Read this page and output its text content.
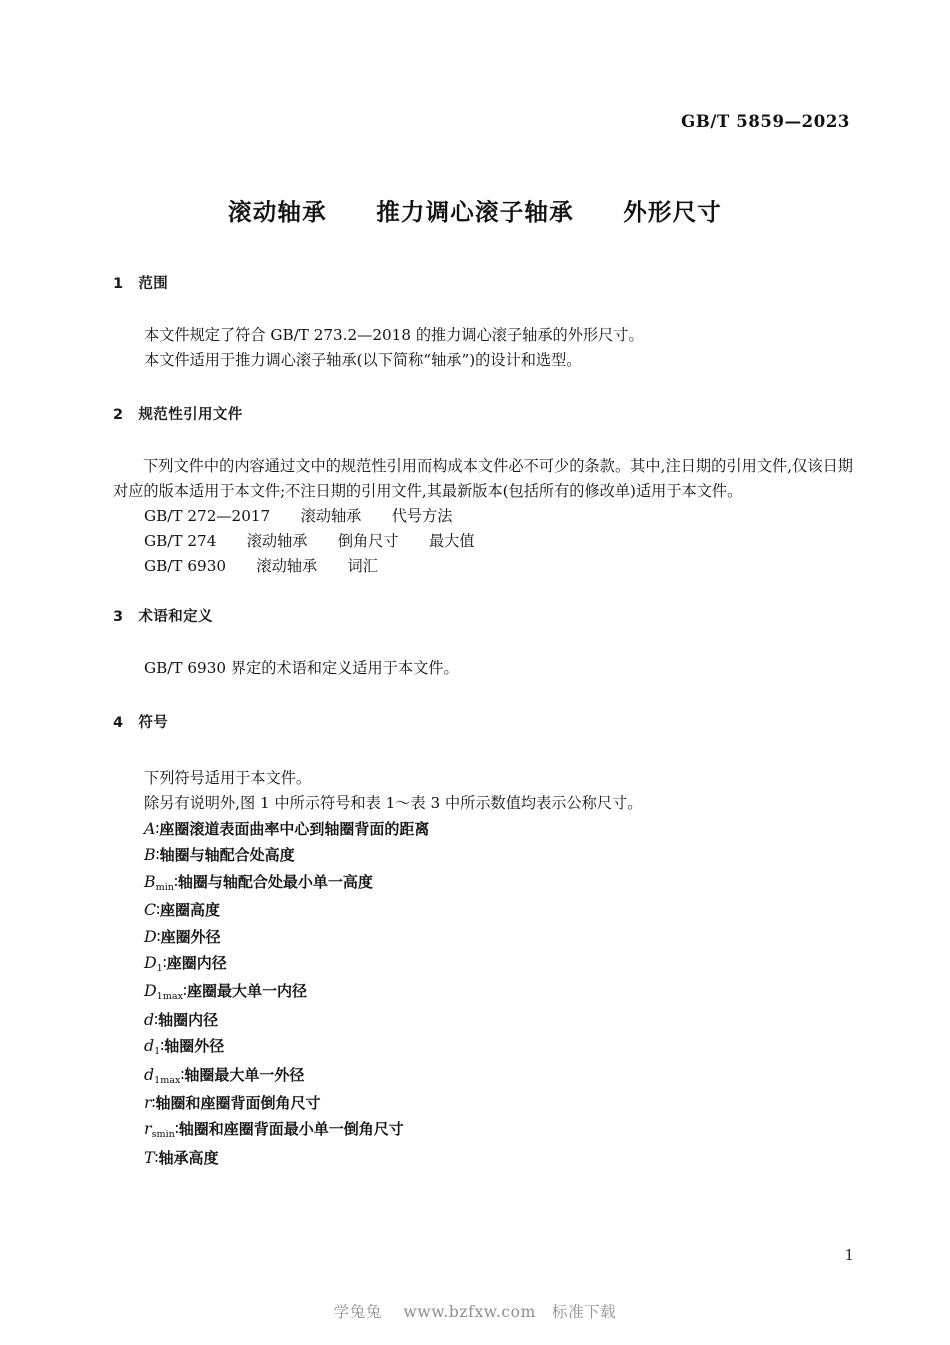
GB/T 5859—2023
滚动轴承　　推力调心滚子轴承　　外形尺寸
1　范围
本文件规定了符合 GB/T 273.2—2018 的推力调心滚子轴承的外形尺寸。
本文件适用于推力调心滚子轴承(以下简称“轴承”)的设计和选型。
2　规范性引用文件
下列文件中的内容通过文中的规范性引用而构成本文件必不可少的条款。其中,注日期的引用文件,仅该日期对应的版本适用于本文件;不注日期的引用文件,其最新版本(包括所有的修改单)适用于本文件。
GB/T 272—2017　　滚动轴承　　代号方法
GB/T 274　　滚动轴承　　倒角尺寸　　最大值
GB/T 6930　　滚动轴承　　词汇
3　术语和定义
GB/T 6930 界定的术语和定义适用于本文件。
4　符号
下列符号适用于本文件。
除另有说明外,图 1 中所示符号和表 1～表 3 中所示数值均表示公称尺寸。
A∶座圈滚道表面曲率中心到轴圈背面的距离
B∶轴圈与轴配合处高度
$B_{min}∶$轴圈与轴配合处最小单一高度
C∶座圈高度
D∶座圈外径
$D_1∶$座圈内径
$D_{1max}∶$座圈最大单一内径
d∶轴圈内径
$d_1∶$轴圈外径
$d_{1max}∶$轴圈最大单一外径
r∶轴圈和座圈背面倒角尺寸
$r_{smin}∶$轴圈和座圈背面最小单一倒角尺寸
T∶轴承高度
1
学兔兔　 www.bzfxw.com　标准下载
